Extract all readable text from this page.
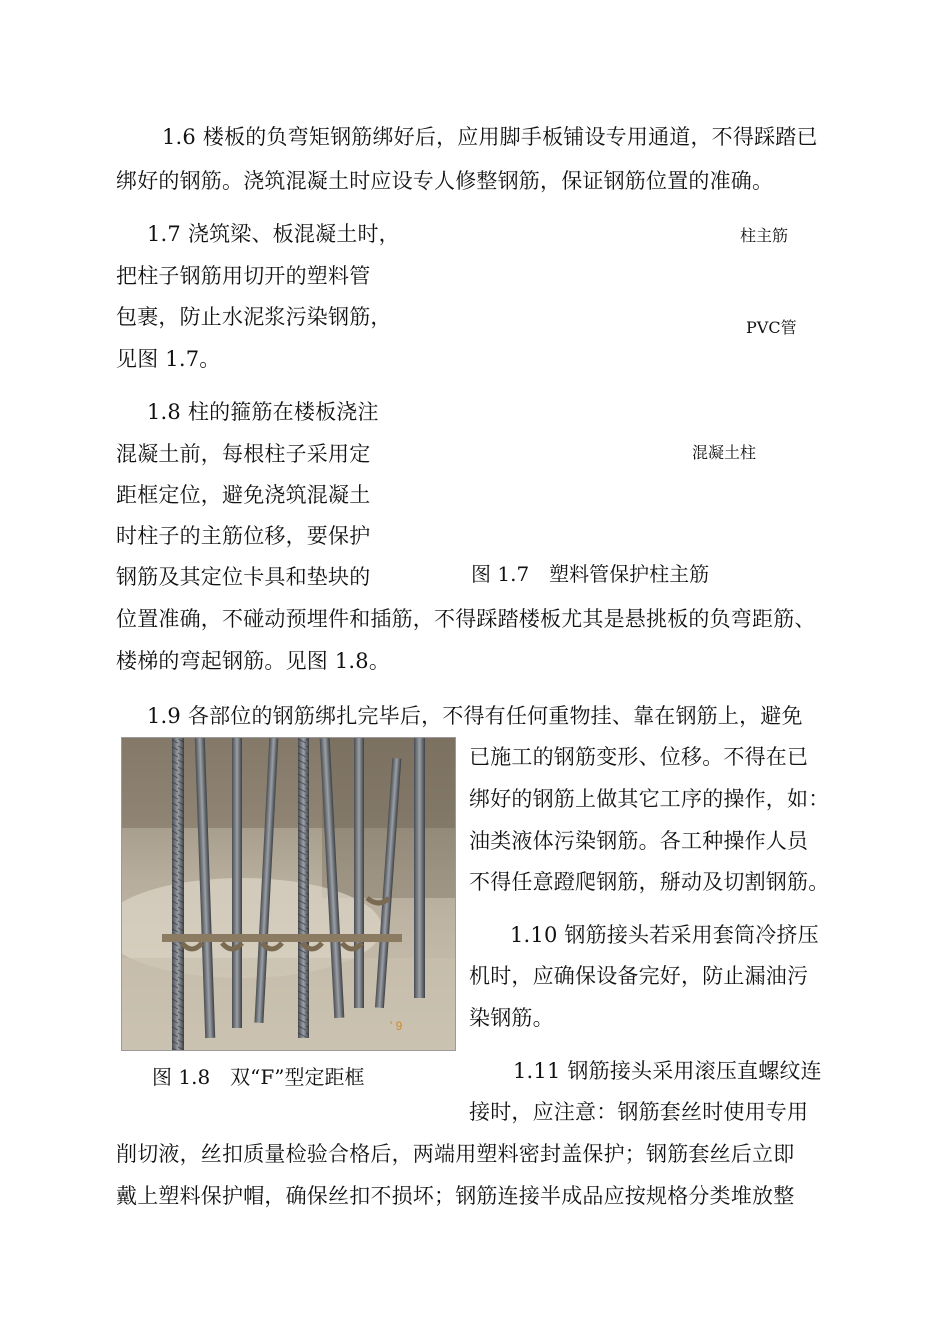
1.6 楼板的负弯矩钢筋绑好后，应用脚手板铺设专用通道，不得踩踏已
绑好的钢筋。浇筑混凝土时应设专人修整钢筋，保证钢筋位置的准确。
1.7 浇筑梁、板混凝土时，
把柱子钢筋用切开的塑料管
包裹，防止水泥浆污染钢筋，
见图 1.7。
柱主筋
PVC管
混凝土柱
图 1.7　塑料管保护柱主筋
1.8 柱的箍筋在楼板浇注
混凝土前，每根柱子采用定
距框定位，避免浇筑混凝土
时柱子的主筋位移，要保护
钢筋及其定位卡具和垫块的
位置准确，不碰动预埋件和插筋，不得踩踏楼板尤其是悬挑板的负弯距筋、
楼梯的弯起钢筋。见图 1.8。
1.9 各部位的钢筋绑扎完毕后，不得有任何重物挂、靠在钢筋上，避免
已施工的钢筋变形、位移。不得在已
绑好的钢筋上做其它工序的操作，如：
油类液体污染钢筋。各工种操作人员
不得任意蹬爬钢筋，掰动及切割钢筋。
' 9
图 1.8　双“F”型定距框
1.10 钢筋接头若采用套筒冷挤压
机时，应确保设备完好，防止漏油污
染钢筋。
1.11 钢筋接头采用滚压直螺纹连
接时，应注意：钢筋套丝时使用专用
削切液，丝扣质量检验合格后，两端用塑料密封盖保护；钢筋套丝后立即
戴上塑料保护帽，确保丝扣不损坏；钢筋连接半成品应按规格分类堆放整
